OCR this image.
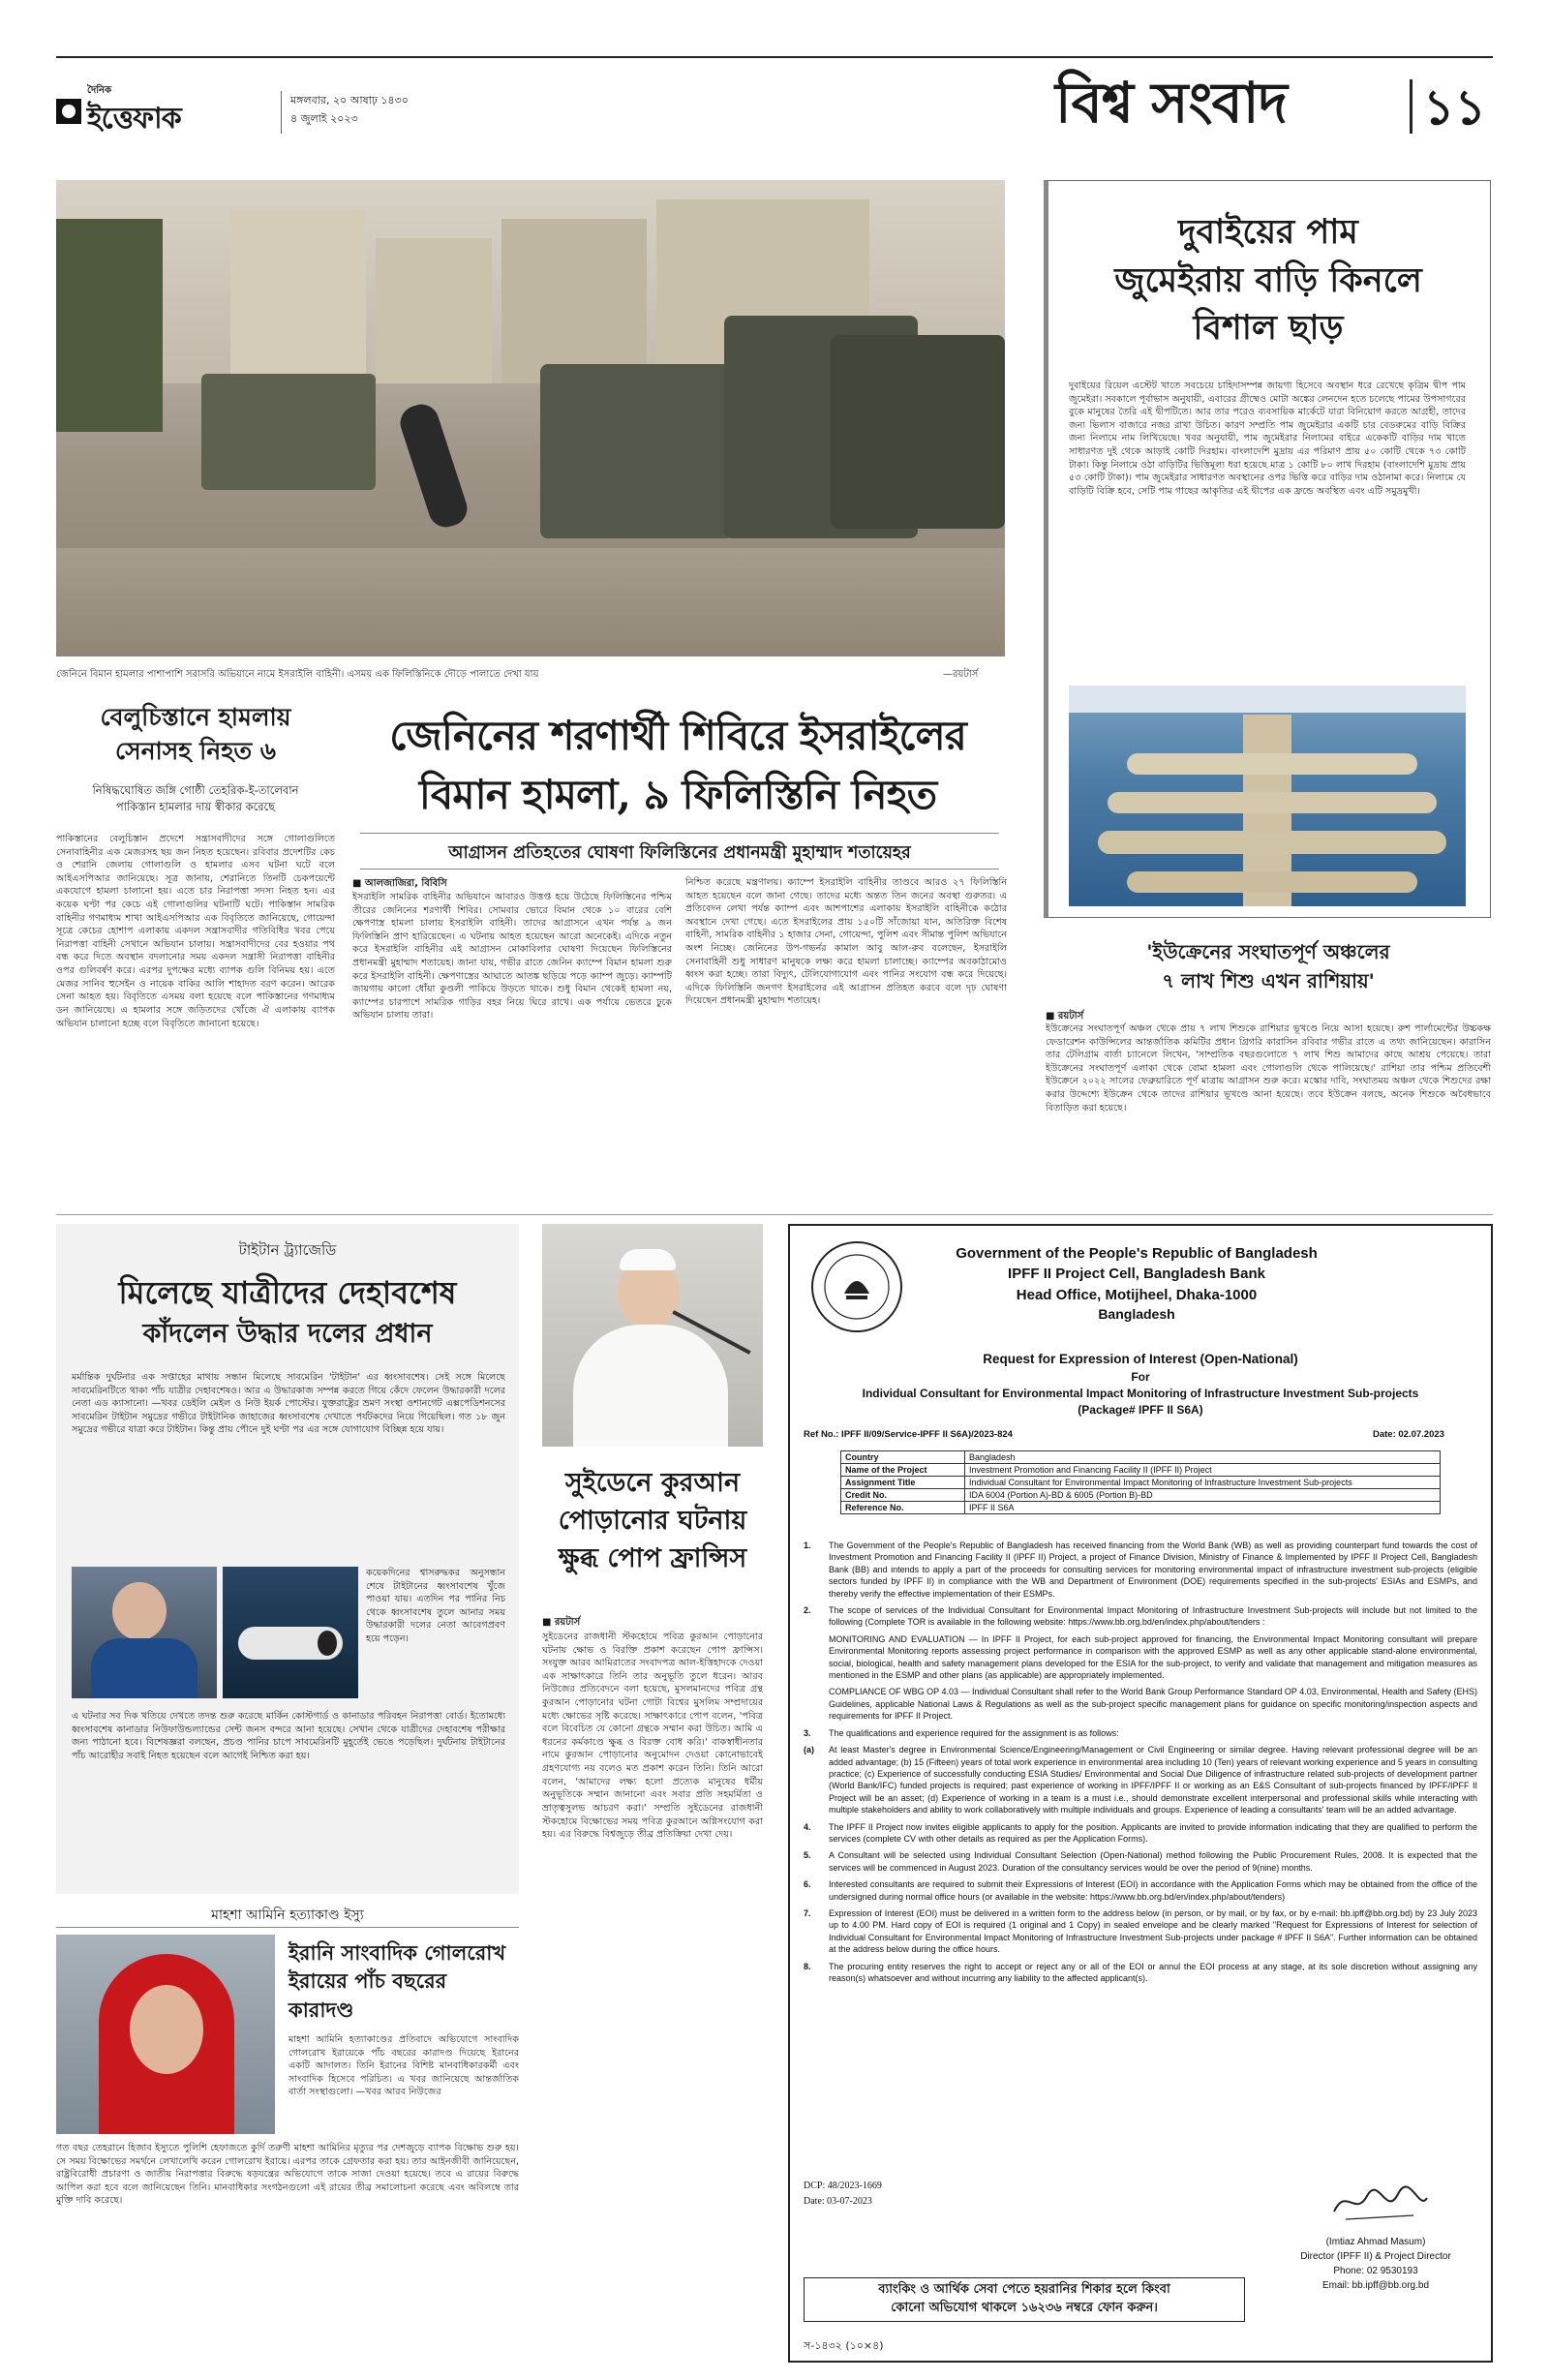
দৈনিক
ইত্তেফাক
মঙ্গলবার, ২০ আষাঢ় ১৪৩০
৪ জুলাই ২০২৩	বিশ্ব সংবাদ	১১
জেনিনে বিমান হামলার পাশাপাশি সরাসরি অভিযানে নামে ইসরাইলি বাহিনী। এসময় এক ফিলিস্তিনিকে দৌড়ে পালাতে দেখা যায়	—রয়টার্স
দুবাইয়ের পাম
জুমেইরায় বাড়ি কিনলে
বিশাল ছাড়
দুবাইয়ের রিয়েল এস্টেট খাতে সবচেয়ে চাহিদাসম্পন্ন জায়গা হিসেবে অবস্থান ধরে রেখেছে কৃত্রিম দ্বীপ পাম জুমেইরা। সবকালে পূর্বাভাস অনুযায়ী, এবারের গ্রীষ্মেও মোটা অঙ্কের লেনদেন হতে চলেছে পামের উপসাগরের বুকে মানুষের তৈরি এই দ্বীপটিতে। আর তার পরেও ব্যবসায়িক মার্কেটে যারা বিনিয়োগ করতে আগ্রহী, তাদের জন্য ভিলাস বাজারে নজর রাখা উচিত। কারণ সম্প্রতি পাম জুমেইরার একটি চার বেডরুমের বাড়ি বিক্রির জন্য নিলামে নাম লিখিয়েছে। খবর অনুযায়ী, পাম জুমেইরার নিলামের বাইরে একেকটি বাড়ির দাম খাতে সাধারণত দুই থেকে আড়াই কোটি দিরহাম। বাংলাদেশি মুদ্রায় এর পরিমাণ প্রায় ৫০ কোটি থেকে ৭৩ কোটি টাকা। কিন্তু নিলামে ওঠা বাড়িটির ভিত্তিমূল্য ধরা হয়েছে মাত্র ১ কোটি ৮০ লাখ দিরহাম (বাংলাদেশি মুদ্রায় প্রায় ৫৩ কোটি টাকা)। পাম জুমেইরার সাধারণত অবস্থানের ওপর ভিত্তি করে বাড়ির দাম ওঠানামা করে। নিলামে যে বাড়িটি বিক্রি হবে, সেটি পাম গাছের আকৃতির এই দ্বীপের এক ফ্রন্ডে অবস্থিত এবং এটি সমুদ্রমুখী।
বেলুচিস্তানে হামলায়
সেনাসহ নিহত ৬
নিষিদ্ধঘোষিত জঙ্গি গোষ্ঠী তেহরিক-ই-তালেবান
পাকিস্তান হামলার দায় স্বীকার করেছে
পাকিস্তানের বেলুচিস্তান প্রদেশে সন্ত্রাসবাদীদের সঙ্গে গোলাগুলিতে সেনাবাহিনীর এক মেজরসহ ছয় জন নিহত হয়েছেন। রবিবার প্রদেশটির কেচ ও শেরানি জেলায় গোলাগুলি ও হামলার এসব ঘটনা ঘটে বলে আইএসপিআর জানিয়েছে। সূত্র জানায়, শেরানিতে তিনটি চেকপয়েন্টে একযোগে হামলা চালানো হয়। এতে চার নিরাপত্তা সদস্য নিহত হন। এর কয়েক ঘণ্টা পর কেচে এই গোলাগুলির ঘটনাটি ঘটে। পাকিস্তান সামরিক বাহিনীর গণমাধ্যম শাখা আইএসপিআর এক বিবৃতিতে জানিয়েছে, গোয়েন্দা সূত্রে কেচের হোশাপ এলাকায় একদল সন্ত্রাসবাদীর গতিবিধির খবর পেয়ে নিরাপত্তা বাহিনী সেখানে অভিযান চালায়। সন্ত্রাসবাদীদের বের হওয়ার পথ বন্ধ করে দিতে অবস্থান বদলানোর সময় একদল সন্ত্রাসী নিরাপত্তা বাহিনীর ওপর গুলিবর্ষণ করে। এরপর দুপক্ষের মধ্যে ব্যাপক গুলি বিনিময় হয়। এতে মেজর সানিব হুসেইন ও নায়েক বাকির আলি শাহাদত বরণ করেন। আরেক সেনা আহত হয়। বিবৃতিতে এসময় বলা হয়েছে বলে পাকিস্তানের গণমাধ্যম ডন জানিয়েছে। এ হামলার সঙ্গে জড়িতদের খোঁজে ঐ এলাকায় ব্যাপক অভিযান চালানো হচ্ছে বলে বিবৃতিতে জানানো হয়েছে।
জেনিনের শরণার্থী শিবিরে ইসরাইলের
বিমান হামলা, ৯ ফিলিস্তিনি নিহত
আগ্রাসন প্রতিহতের ঘোষণা ফিলিস্তিনের প্রধানমন্ত্রী মুহাম্মাদ শতায়েহর
■ আলজাজিরা, বিবিসি
ইসরাইলি সামরিক বাহিনীর অভিযানে আবারও উত্তপ্ত হয়ে উঠেছে ফিলিস্তিনের পশ্চিম তীরের জেনিনের শরণার্থী শিবির। সোমবার ভোরে বিমান থেকে ১০ বারের বেশি ক্ষেপণাস্ত্র হামলা চালায় ইসরাইলি বাহিনী। তাদের আগ্রাসনে এখন পর্যন্ত ৯ জন ফিলিস্তিনি প্রাণ হারিয়েছেন। এ ঘটনায় আহত হয়েছেন আরো অনেকেই। এদিকে নতুন করে ইসরাইলি বাহিনীর এই আগ্রাসন মোকাবিলার ঘোষণা দিয়েছেন ফিলিস্তিনের প্রধানমন্ত্রী মুহাম্মাদ শতায়েহ। জানা যায়, গভীর রাতে জেনিন ক্যাম্পে বিমান হামলা শুরু করে ইসরাইলি বাহিনী। ক্ষেপণাস্ত্রের আঘাতে আতঙ্ক ছড়িয়ে পড়ে ক্যাম্প জুড়ে। ক্যাম্পটি জায়গায় কালো ধোঁয়া কুণ্ডলী পাকিয়ে উড়তে থাকে। শুধু বিমান থেকেই হামলা নয়, ক্যাম্পের চারপাশে সামরিক গাড়ির বহর নিয়ে ঘিরে রাখে। এক পর্যায়ে ভেতরে ঢুকে অভিযান চালায় তারা।
নিশ্চিত করেছে মন্ত্রণালয়। ক্যাম্পে ইসরাইলি বাহিনীর তাণ্ডবে আরও ২৭ ফিলিস্তিনি আহত হয়েছেন বলে জানা গেছে। তাদের মধ্যে অন্তত তিন জনের অবস্থা গুরুতর। এ প্রতিবেদন লেখা পর্যন্ত ক্যাম্প এবং আশপাশের এলাকায় ইসরাইলি বাহিনীকে কঠোর অবস্থানে দেখা গেছে। এতে ইসরাইলের প্রায় ১৫০টি সাঁজোয়া যান, অতিরিক্ত বিশেষ বাহিনী, সামরিক বাহিনীর ১ হাজার সেনা, গোয়েন্দা, পুলিশ এবং সীমান্ত পুলিশ অভিযানে অংশ নিচ্ছে। জেনিনের উপ-গভর্নর কামাল আবু আল-রুব বলেছেন, ইসরাইলি সেনাবাহিনী শুধু সাধারণ মানুষকে লক্ষ্য করে হামলা চালাচ্ছে। ক্যাম্পের অবকাঠামোও ধ্বংস করা হচ্ছে। তারা বিদ্যুৎ, টেলিযোগাযোগ এবং পানির সংযোগ বন্ধ করে দিয়েছে। এদিকে ফিলিস্তিনি জনগণ ইসরাইলের এই আগ্রাসন প্রতিহত করবে বলে দৃঢ় ঘোষণা দিয়েছেন প্রধানমন্ত্রী মুহাম্মাদ শতায়েহ।
'ইউক্রেনের সংঘাতপূর্ণ অঞ্চলের
৭ লাখ শিশু এখন রাশিয়ায়'
■ রয়টার্স
ইউক্রেনের সংঘাতপূর্ণ অঞ্চল থেকে প্রায় ৭ লাখ শিশুকে রাশিয়ার ভূখণ্ডে নিয়ে আসা হয়েছে। রুশ পার্লামেন্টের উচ্চকক্ষ ফেডারেশন কাউন্সিলের আন্তর্জাতিক কমিটির প্রধান গ্রিগরি কারাসিন রবিবার গভীর রাতে এ তথ্য জানিয়েছেন। কারাসিন তার টেলিগ্রাম বার্তা চ্যানেলে লিখেন, 'সাম্প্রতিক বছরগুলোতে ৭ লাখ শিশু আমাদের কাছে আশ্রয় পেয়েছে। তারা ইউক্রেনের সংঘাতপূর্ণ এলাকা থেকে বোমা হামলা এবং গোলাগুলি থেকে পালিয়েছে।' রাশিয়া তার পশ্চিম প্রতিবেশী ইউক্রেনে ২০২২ সালের ফেব্রুয়ারিতে পূর্ণ মাত্রায় আগ্রাসন শুরু করে। মস্কোর দাবি, সংঘাতময় অঞ্চল থেকে শিশুদের রক্ষা করার উদ্দেশ্যে ইউক্রেন থেকে তাদের রাশিয়ার ভূখণ্ডে আনা হয়েছে। তবে ইউক্রেন বলছে, অনেক শিশুকে অবৈধভাবে বিতাড়িত করা হয়েছে।
টাইটান ট্র্যাজেডি
মিলেছে যাত্রীদের দেহাবশেষ
কাঁদলেন উদ্ধার দলের প্রধান
মর্মান্তিক দুর্ঘটনার এক সপ্তাহের মাথায় সন্ধান মিলেছে সাবমেরিন 'টাইটান' এর ধ্বংসাবশেষ। সেই সঙ্গে মিলেছে সাবমেরিনটিতে থাকা পাঁচ যাত্রীর দেহাবশেষও। আর এ উদ্ধারকাজ সম্পন্ন করতে গিয়ে কেঁদে ফেলেন উদ্ধারকারী দলের নেতা এড ক্যাসানো। —খবর ডেইলি মেইল ও নিউ ইয়র্ক পোস্টের। যুক্তরাষ্ট্রের ভ্রমণ সংস্থা ওশানগেট এক্সপেডিশনসের সাবমেরিন টাইটান সমুদ্রের গভীরে টাইটানিক জাহাজের ধ্বংসাবশেষ দেখাতে পর্যটকদের নিয়ে গিয়েছিল। গত ১৮ জুন সমুদ্রের গভীরে যাত্রা করে টাইটান। কিন্তু প্রায় পৌনে দুই ঘণ্টা পর এর সঙ্গে যোগাযোগ বিচ্ছিন্ন হয়ে যায়।
কয়েকদিনের শ্বাসরুদ্ধকর অনুসন্ধান শেষে টাইটানের ধ্বংসাবশেষ খুঁজে পাওয়া যায়। এতদিন পর পানির নিচ থেকে ধ্বংসাবশেষ তুলে আনার সময় উদ্ধারকারী দলের নেতা আবেগপ্রবণ হয়ে পড়েন।
এ ঘটনার সব দিক খতিয়ে দেখতে তদন্ত শুরু করেছে মার্কিন কোস্টগার্ড ও কানাডার পরিবহন নিরাপত্তা বোর্ড। ইতোমধ্যে ধ্বংসাবশেষ কানাডার নিউফাউন্ডল্যান্ডের সেন্ট জনস বন্দরে আনা হয়েছে। সেখান থেকে যাত্রীদের দেহাবশেষ পরীক্ষার জন্য পাঠানো হবে। বিশেষজ্ঞরা বলছেন, প্রচণ্ড পানির চাপে সাবমেরিনটি মুহূর্তেই ভেঙে পড়েছিল। দুর্ঘটনায় টাইটানের পাঁচ আরোহীর সবাই নিহত হয়েছেন বলে আগেই নিশ্চিত করা হয়।
সুইডেনে কুরআন
পোড়ানোর ঘটনায়
ক্ষুব্ধ পোপ ফ্রান্সিস
■ রয়টার্স
সুইডেনের রাজধানী স্টকহোমে পবিত্র কুরআন পোড়ানোর ঘটনায় ক্ষোভ ও বিরক্তি প্রকাশ করেছেন পোপ ফ্রান্সিস। সংযুক্ত আরব আমিরাতের সংবাদপত্র আল-ইত্তিহাদকে দেওয়া এক সাক্ষাৎকারে তিনি তার অনুভূতি তুলে ধরেন। আরব নিউজের প্রতিবেদনে বলা হয়েছে, মুসলমানদের পবিত্র গ্রন্থ কুরআন পোড়ানোর ঘটনা গোটা বিশ্বের মুসলিম সম্প্রদায়ের মধ্যে ক্ষোভের সৃষ্টি করেছে। সাক্ষাৎকারে পোপ বলেন, 'পবিত্র বলে বিবেচিত যে কোনো গ্রন্থকে সম্মান করা উচিত। আমি এ ধরনের কর্মকাণ্ডে ক্ষুব্ধ ও বিরক্ত বোধ করি।' বাকস্বাধীনতার নামে কুরআন পোড়ানোর অনুমোদন দেওয়া কোনোভাবেই গ্রহণযোগ্য নয় বলেও মত প্রকাশ করেন তিনি। তিনি আরো বলেন, 'আমাদের লক্ষ্য হলো প্রত্যেক মানুষের ধর্মীয় অনুভূতিকে সম্মান জানানো এবং সবার প্রতি সহমর্মিতা ও ভ্রাতৃত্বসুলভ আচরণ করা।' সম্প্রতি সুইডেনের রাজধানী স্টকহোমে বিক্ষোভের সময় পবিত্র কুরআনে অগ্নিসংযোগ করা হয়। এর বিরুদ্ধে বিশ্বজুড়ে তীব্র প্রতিক্রিয়া দেখা দেয়।
মাহশা আমিনি হত্যাকাণ্ড ইস্যু
ইরানি সাংবাদিক গোলরোখ
ইরায়ের পাঁচ বছরের
কারাদণ্ড
মাহশা আমিনি হত্যাকাণ্ডের প্রতিবাদে অভিযোগে সাংবাদিক গোলরোখ ইরায়েকে পাঁচ বছরের কারাদণ্ড দিয়েছে ইরানের একটি আদালত। তিনি ইরানের বিশিষ্ট মানবাধিকারকর্মী এবং সাংবাদিক হিসেবে পরিচিত। এ খবর জানিয়েছে আন্তর্জাতিক বার্তা সংস্থাগুলো। —খবর আরব নিউজের
গত বছর তেহরানে হিজাব ইস্যুতে পুলিশি হেফাজতে কুর্দি তরুণী মাহশা আমিনির মৃত্যুর পর দেশজুড়ে ব্যাপক বিক্ষোভ শুরু হয়। সে সময় বিক্ষোভের সমর্থনে লেখালেখি করেন গোলরোখ ইরায়ে। এরপর তাকে গ্রেফতার করা হয়। তার আইনজীবী জানিয়েছেন, রাষ্ট্রবিরোধী প্রচারণা ও জাতীয় নিরাপত্তার বিরুদ্ধে ষড়যন্ত্রের অভিযোগে তাকে সাজা দেওয়া হয়েছে। তবে এ রায়ের বিরুদ্ধে আপিল করা হবে বলে জানিয়েছেন তিনি। মানবাধিকার সংগঠনগুলো এই রায়ের তীব্র সমালোচনা করেছে এবং অবিলম্বে তার মুক্তি দাবি করেছে।
Government of the People's Republic of Bangladesh
IPFF II Project Cell, Bangladesh Bank
Head Office, Motijheel, Dhaka-1000
Bangladesh
Request for Expression of Interest (Open-National)
For
Individual Consultant for Environmental Impact Monitoring of Infrastructure Investment Sub-projects
(Package# IPFF II S6A)
Ref No.: IPFF II/09/Service-IPFF II S6A)/2023-824	Date: 02.07.2023
Country	Bangladesh
Name of the Project	Investment Promotion and Financing Facility II (IPFF II) Project
Assignment Title	Individual Consultant for Environmental Impact Monitoring of Infrastructure Investment Sub-projects
Credit No.	IDA 6004 (Portion A)-BD & 6005 (Portion B)-BD
Reference No.	IPFF II S6A
1.	The Government of the People's Republic of Bangladesh has received financing from the World Bank (WB) as well as providing counterpart fund towards the cost of Investment Promotion and Financing Facility II (IPFF II) Project, a project of Finance Division, Ministry of Finance & Implemented by IPFF II Project Cell, Bangladesh Bank (BB) and intends to apply a part of the proceeds for consulting services for monitoring environmental impact of infrastructure investment sub-projects (eligible sectors funded by IPFF II) in compliance with the WB and Department of Environment (DOE) requirements specified in the sub-projects' ESIAs and ESMPs, and thereby verify the effective implementation of their ESMPs.
2.	The scope of services of the Individual Consultant for Environmental Impact Monitoring of Infrastructure Investment Sub-projects will include but not limited to the following (Complete TOR is available in the following website: https://www.bb.org.bd/en/index.php/about/tenders :
MONITORING AND EVALUATION — In IPFF II Project, for each sub-project approved for financing, the Environmental Impact Monitoring consultant will prepare Environmental Monitoring reports assessing project performance in comparison with the approved ESMP as well as any other applicable stand-alone environmental, social, biological, health and safety management plans developed for the ESIA for the sub-project, to verify and validate that management and mitigation measures as mentioned in the ESMP and other plans (as applicable) are appropriately implemented.
COMPLIANCE OF WBG OP 4.03 — Individual Consultant shall refer to the World Bank Group Performance Standard OP 4.03, Environmental, Health and Safety (EHS) Guidelines, applicable National Laws & Regulations as well as the sub-project specific management plans for guidance on specific monitoring/inspection aspects and requirements for IPFF II Project.
3.	The qualifications and experience required for the assignment is as follows:
(a)	At least Master's degree in Environmental Science/Engineering/Management or Civil Engineering or similar degree. Having relevant professional degree will be an added advantage; (b) 15 (Fifteen) years of total work experience in environmental area including 10 (Ten) years of relevant working experience and 5 years in consulting practice; (c) Experience of successfully conducting ESIA Studies/ Environmental and Social Due Diligence of infrastructure related sub-projects of development partner (World Bank/IFC) funded projects is required; past experience of working in IPFF/IPFF II or working as an E&S Consultant of sub-projects financed by IPFF/IPFF II Project will be an asset; (d) Experience of working in a team is a must i.e., should demonstrate excellent interpersonal and professional skills while interacting with multiple stakeholders and ability to work collaboratively with multiple individuals and groups. Experience of leading a consultants' team will be an added advantage.
4.	The IPFF II Project now invites eligible applicants to apply for the position. Applicants are invited to provide information indicating that they are qualified to perform the services (complete CV with other details as required as per the Application Forms).
5.	A Consultant will be selected using Individual Consultant Selection (Open-National) method following the Public Procurement Rules, 2008. It is expected that the services will be commenced in August 2023. Duration of the consultancy services would be over the period of 9(nine) months.
6.	Interested consultants are required to submit their Expressions of Interest (EOI) in accordance with the Application Forms which may be obtained from the office of the undersigned during normal office hours (or available in the website: https://www.bb.org.bd/en/index.php/about/tenders)
7.	Expression of Interest (EOI) must be delivered in a written form to the address below (in person, or by mail, or by fax, or by e-mail: bb.ipff@bb.org.bd) by 23 July 2023 up to 4.00 PM. Hard copy of EOI is required (1 original and 1 Copy) in sealed envelope and be clearly marked "Request for Expressions of Interest for selection of Individual Consultant for Environmental Impact Monitoring of Infrastructure Investment Sub-projects under package # IPFF II S6A". Further information can be obtained at the address below during the office hours.
8.	The procuring entity reserves the right to accept or reject any or all of the EOI or annul the EOI process at any stage, at its sole discretion without assigning any reason(s) whatsoever and without incurring any liability to the affected applicant(s).
DCP: 48/2023-1669
Date: 03-07-2023
ব্যাংকিং ও আর্থিক সেবা পেতে হয়রানির শিকার হলে কিংবা
কোনো অভিযোগ থাকলে ১৬২৩৬ নম্বরে ফোন করুন।
স-১৪৩২ (১০×৪)
(Imtiaz Ahmad Masum)
Director (IPFF II) & Project Director
Phone: 02 9530193
Email: bb.ipff@bb.org.bd
